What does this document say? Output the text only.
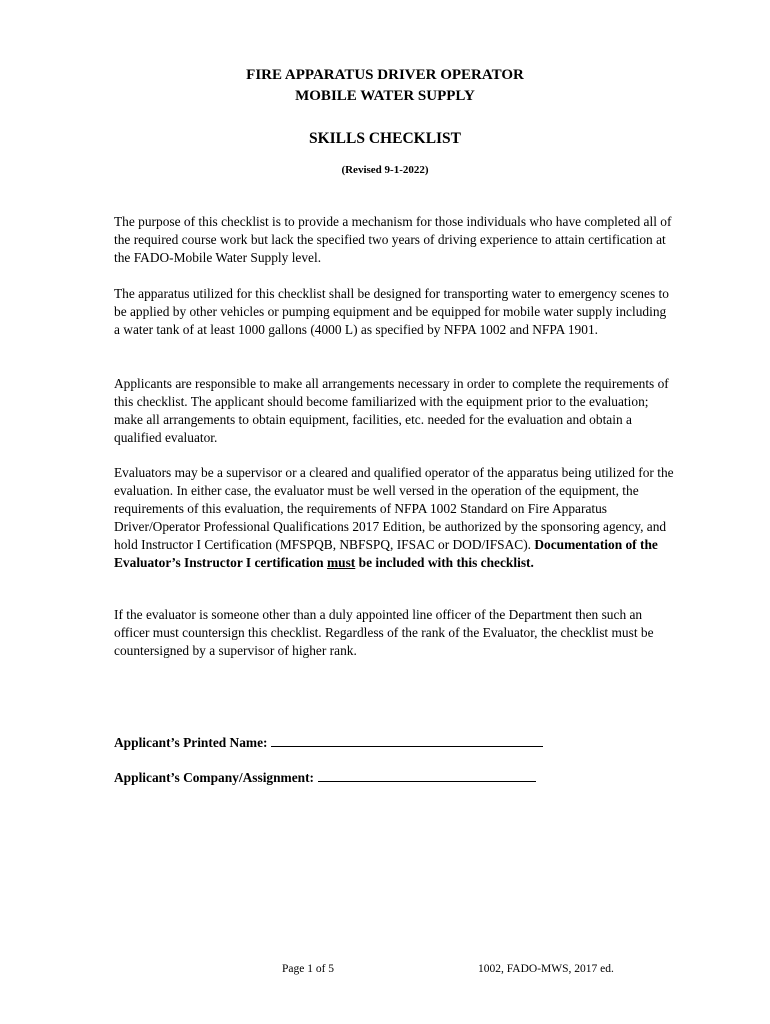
FIRE APPARATUS DRIVER OPERATOR
MOBILE WATER SUPPLY
SKILLS CHECKLIST
(Revised 9-1-2022)

The purpose of this checklist is to provide a mechanism for those individuals who have completed all of the required course work but lack the specified two years of driving experience to attain certification at the FADO-Mobile Water Supply level.

The apparatus utilized for this checklist shall be designed for transporting water to emergency scenes to be applied by other vehicles or pumping equipment and be equipped for mobile water supply including a water tank of at least 1000 gallons (4000 L) as specified by NFPA 1002 and NFPA 1901.

Applicants are responsible to make all arrangements necessary in order to complete the requirements of this checklist. The applicant should become familiarized with the equipment prior to the evaluation; make all arrangements to obtain equipment, facilities, etc. needed for the evaluation and obtain a qualified evaluator.

Evaluators may be a supervisor or a cleared and qualified operator of the apparatus being utilized for the evaluation. In either case, the evaluator must be well versed in the operation of the equipment, the requirements of this evaluation, the requirements of NFPA 1002 Standard on Fire Apparatus Driver/Operator Professional Qualifications 2017 Edition, be authorized by the sponsoring agency, and hold Instructor I Certification (MFSPQB, NBFSPQ, IFSAC or DOD/IFSAC). Documentation of the Evaluator’s Instructor I certification must be included with this checklist.

If the evaluator is someone other than a duly appointed line officer of the Department then such an officer must countersign this checklist. Regardless of the rank of the Evaluator, the checklist must be countersigned by a supervisor of higher rank.

Applicant’s Printed Name:
Applicant’s Company/Assignment:
Page 1 of 5	1002, FADO-MWS, 2017 ed.
